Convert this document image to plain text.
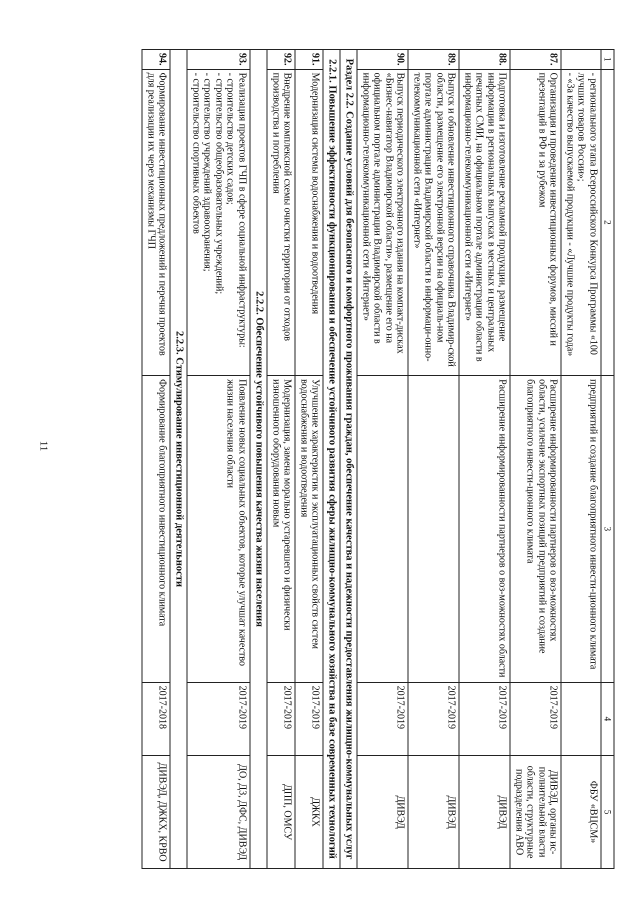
11
1	2	3	4	5
	- регионального этапа Всероссийского Конкурса Программы «100 лучших товаров России»;
- «За качество выпускаемой продукции - «Лучшие продукты года»	предприятий и создание благоприятного инвести-ционного климата		ФБУ «ВЦСМ»
87.	Организация и проведение инвестиционных форумов, миссий и презентаций в РФ и за рубежом	Расширение информированности партнеров о воз-можностях области, усиление экспортных позиций предприятий и создание благоприятного инвести-ционного климата	2017-2019	ДИВЭД, органы ис-полнительной власти области, структурные подразделения АВО
88.	Подготовка и изготовление рекламной продукции, размещение информации в региональных выпусках в местных и центральных печатных СМИ, на официальном портале администрации области в информационно-телекоммуникационной сети «Интернет»	Расширение информированности партнеров о воз-можностях области	2017-2019	ДИВЭД
89.	Выпуск и обновление инвестиционного справочника Владимир-ской области, размещение его электронной версии на официаль-ном портале администрации Владимирской области в информаци-онно-телекоммуникационной сети «Интернет»		2017-2019	ДИВЭД
90.	Выпуск периодического электронного издания на компакт-дисках «Бизнес-навигатор Владимирской области», размещение его на официальном портале администрации Владимирской области в информационно-телекоммуникационной сети «Интернет»		2017-2019	ДИВЭД
Раздел 2.2. Создание условий для безопасного и комфортного проживания граждан, обеспечение качества и надежности предоставления жилищно-коммунальных услуг				
2.2.1. Повышение эффективности функционирования и обеспечение устойчивого развития сферы жилищно-коммунального хозяйства на базе современных технологий				
91.	Модернизация системы водоснабжения и водоотведения	Улучшение характеристик и эксплуатационных свойств систем водоснабжения и водоотведения	2017-2019	ДЖКХ
92.	Внедрение комплексной схемы очистки территории от отходов производства и потребления	Модернизация, замена морально устаревшего и физически изношенного оборудования новым	2017-2019	ДПП, ОМСУ
2.2.2. Обеспечение устойчивого повышения качества жизни населения				
93.	Реализация проектов ГЧП в сфере социальной инфраструктуры:
- строительство детских садов;
- строительство общеобразовательных учреждений;
- строительство учреждений здравоохранения;
- строительство спортивных объектов	Появление новых социальных объектов, которые улучшат качество жизни населения области	2017-2019	ДО, ДЗ, ДФС, ДИВЭД
2.2.3. Стимулирование инвестиционной деятельности				
94.	Формирование инвестиционных предложений и перечня проектов для реализации их через механизмы ГЧП	Формирование благоприятного инвестиционного климата	2017-2018	ДИВЭД, ДЖКХ, КРВО
